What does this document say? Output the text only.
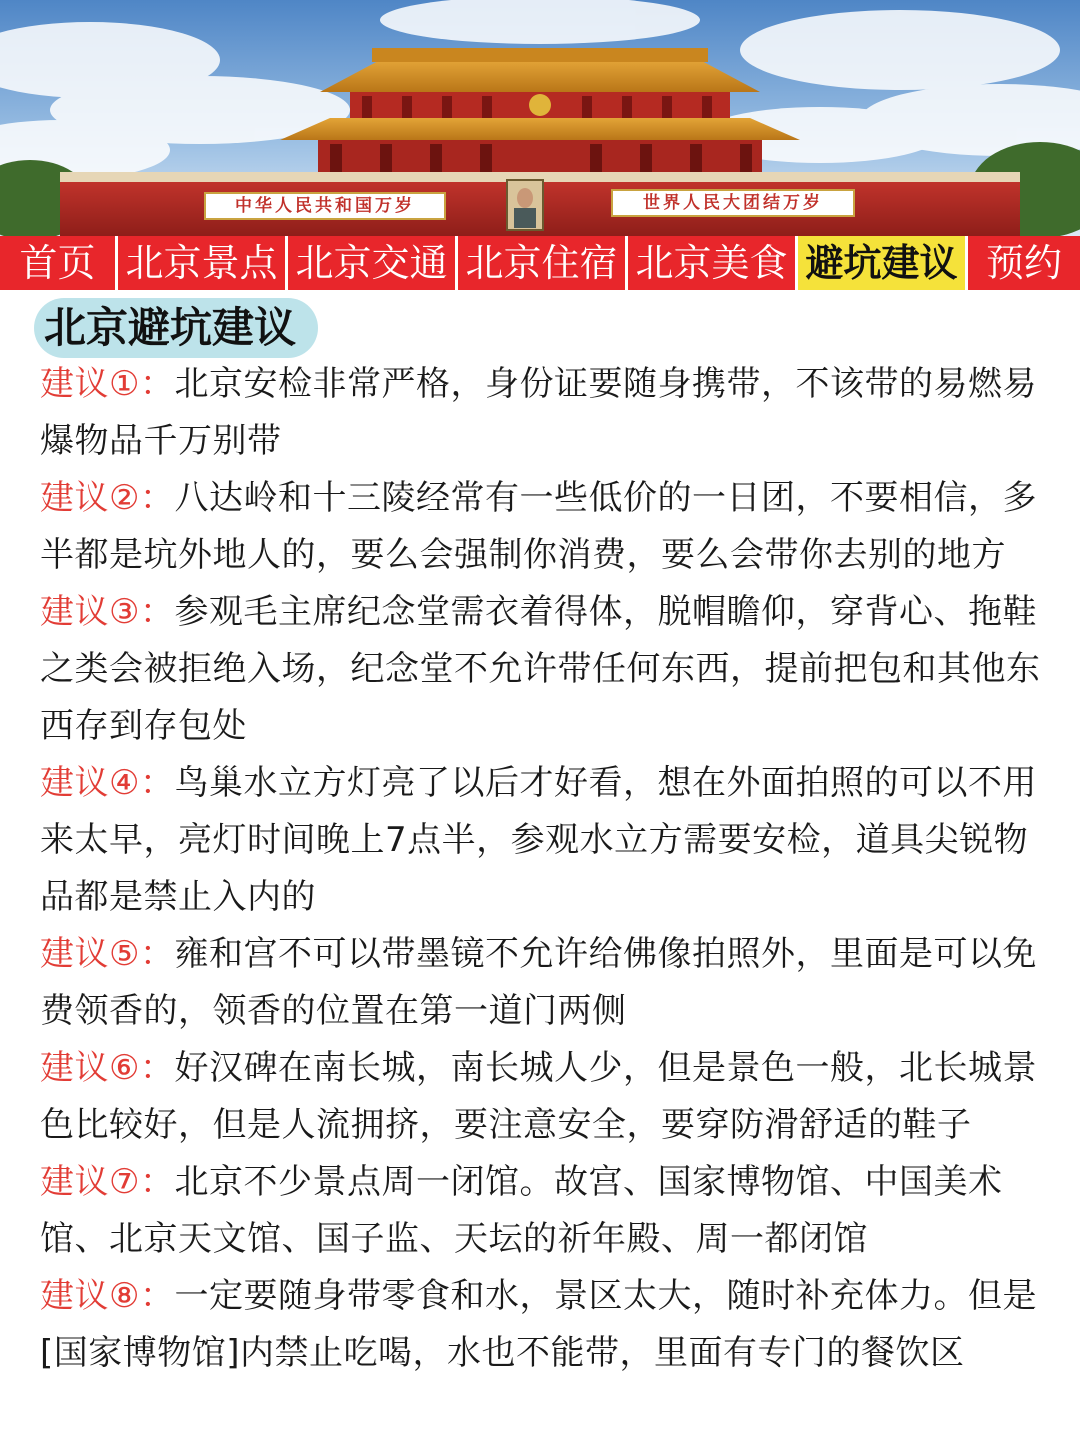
中华人民共和国万岁	世界人民大团结万岁
首页 北京景点 北京交通 北京住宿 北京美食 避坑建议 预约
北京避坑建议

建议①：北京安检非常严格，身份证要随身携带，不该带的易燃易爆物品千万别带

建议②：八达岭和十三陵经常有一些低价的一日团，不要相信，多半都是坑外地人的，要么会强制你消费，要么会带你去别的地方

建议③：参观毛主席纪念堂需衣着得体，脱帽瞻仰，穿背心、拖鞋之类会被拒绝入场，纪念堂不允许带任何东西，提前把包和其他东西存到存包处

建议④：鸟巢水立方灯亮了以后才好看，想在外面拍照的可以不用来太早，亮灯时间晚上7点半，参观水立方需要安检，道具尖锐物品都是禁止入内的

建议⑤：雍和宫不可以带墨镜不允许给佛像拍照外，里面是可以免费领香的，领香的位置在第一道门两侧

建议⑥：好汉碑在南长城，南长城人少，但是景色一般，北长城景色比较好，但是人流拥挤，要注意安全，要穿防滑舒适的鞋子

建议⑦：北京不少景点周一闭馆。故宫、国家博物馆、中国美术馆、北京天文馆、国子监、天坛的祈年殿、周一都闭馆

建议⑧：一定要随身带零食和水，景区太大，随时补充体力。但是[国家博物馆]内禁止吃喝，水也不能带，里面有专门的餐饮区
